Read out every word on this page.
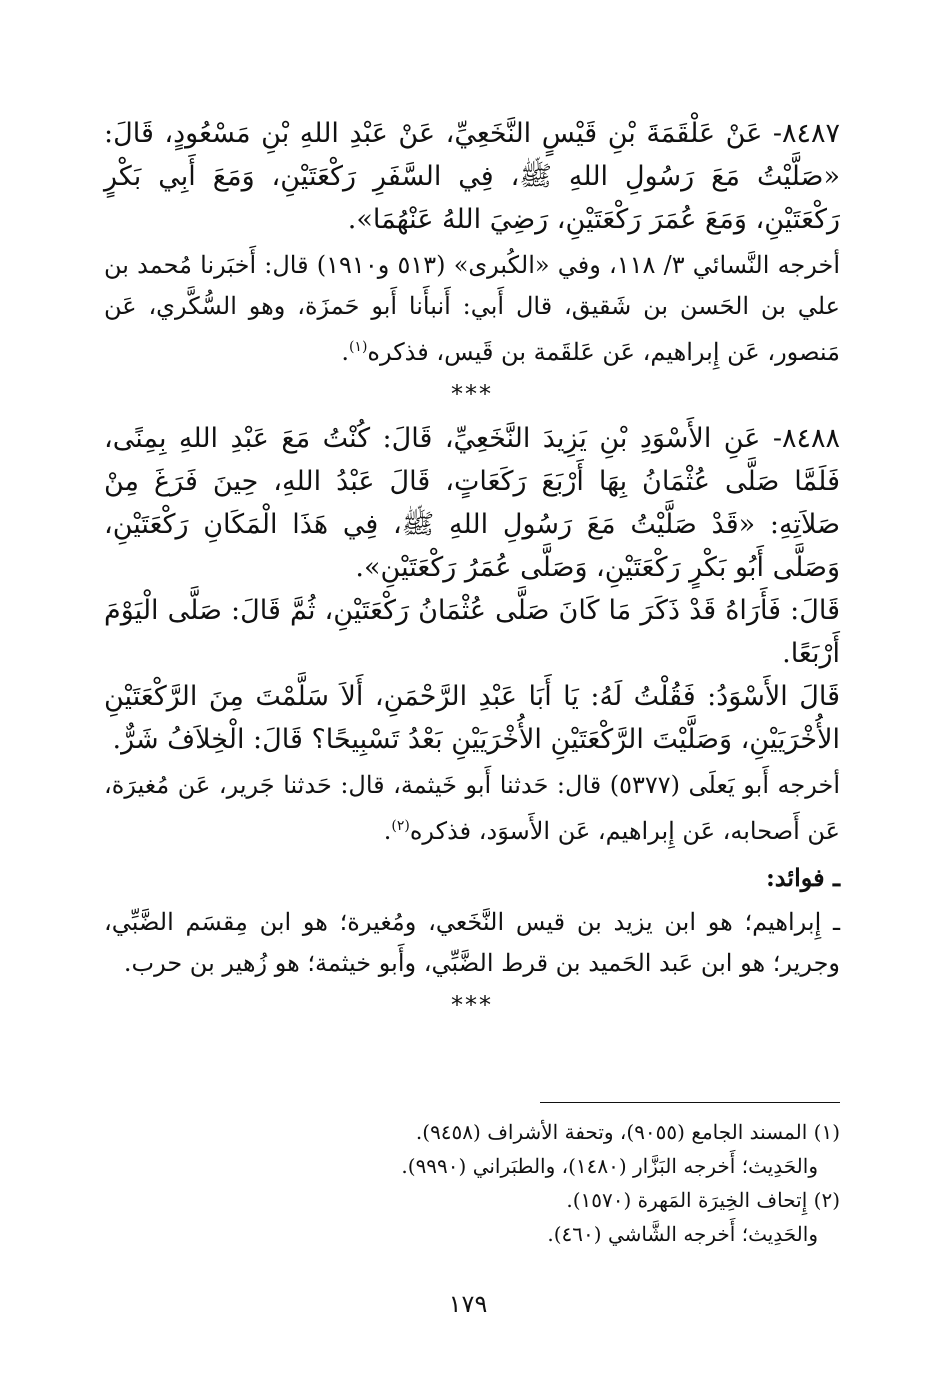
٨٤٨٧- عَنْ عَلْقَمَةَ بْنِ قَيْسٍ النَّخَعِيِّ، عَنْ عَبْدِ اللهِ بْنِ مَسْعُودٍ، قَالَ: «صَلَّيْتُ مَعَ رَسُولِ اللهِ ﷺ، فِي السَّفَرِ رَكْعَتَيْنِ، وَمَعَ أَبِي بَكْرٍ رَكْعَتَيْنِ، وَمَعَ عُمَرَ رَكْعَتَيْنِ، رَضِيَ اللهُ عَنْهُمَا».

أخرجه النَّسائي ٣/ ١١٨، وفي «الكُبرى» (٥١٣ و١٩١٠) قال: أَخبَرنا مُحمد بن علي بن الحَسن بن شَقيق، قال أَبي: أَنبأَنا أَبو حَمزَة، وهو السُّكَّري، عَن مَنصور، عَن إِبراهيم، عَن عَلقَمة بن قَيس، فذكره$^{(١)}$.

***

٨٤٨٨- عَنِ الأَسْوَدِ بْنِ يَزِيدَ النَّخَعِيِّ، قَالَ: كُنْتُ مَعَ عَبْدِ اللهِ بِمِنًى، فَلَمَّا صَلَّى عُثْمَانُ بِهَا أَرْبَعَ رَكَعَاتٍ، قَالَ عَبْدُ اللهِ، حِينَ فَرَغَ مِنْ صَلاَتِهِ: «قَدْ صَلَّيْتُ مَعَ رَسُولِ اللهِ ﷺ، فِي هَذَا الْمَكَانِ رَكْعَتَيْنِ، وَصَلَّى أَبُو بَكْرٍ رَكْعَتَيْنِ، وَصَلَّى عُمَرُ رَكْعَتَيْنِ».

قَالَ: فَأَرَاهُ قَدْ ذَكَرَ مَا كَانَ صَلَّى عُثْمَانُ رَكْعَتَيْنِ، ثُمَّ قَالَ: صَلَّى الْيَوْمَ أَرْبَعًا.

قَالَ الأَسْوَدُ: فَقُلْتُ لَهُ: يَا أَبَا عَبْدِ الرَّحْمَنِ، أَلاَ سَلَّمْتَ مِنَ الرَّكْعَتَيْنِ الأُخْرَيَيْنِ، وَصَلَّيْتَ الرَّكْعَتَيْنِ الأُخْرَيَيْنِ بَعْدُ تَسْبِيحًا؟ قَالَ: الْخِلاَفُ شَرٌّ.

أخرجه أَبو يَعلَى (٥٣٧٧) قال: حَدثنا أَبو خَيثمة، قال: حَدثنا جَرير، عَن مُغيرَة، عَن أَصحابه، عَن إِبراهيم، عَن الأَسوَد، فذكره$^{(٢)}$.

ـ فوائد:

ـ إِبراهيم؛ هو ابن يزيد بن قيس النَّخَعي، ومُغيرة؛ هو ابن مِقسَم الضَّبِّي، وجرير؛ هو ابن عَبد الحَميد بن قرط الضَّبِّي، وأَبو خيثمة؛ هو زُهير بن حرب.

***

(١) المسند الجامع (٩٠٥٥)، وتحفة الأشراف (٩٤٥٨).

والحَدِيث؛ أَخرجه البَزَّار (١٤٨٠)، والطبَراني (٩٩٩٠).

(٢) إِتحاف الخِيرَة المَهرة (١٥٧٠).

والحَدِيث؛ أَخرجه الشَّاشي (٤٦٠).

١٧٩
